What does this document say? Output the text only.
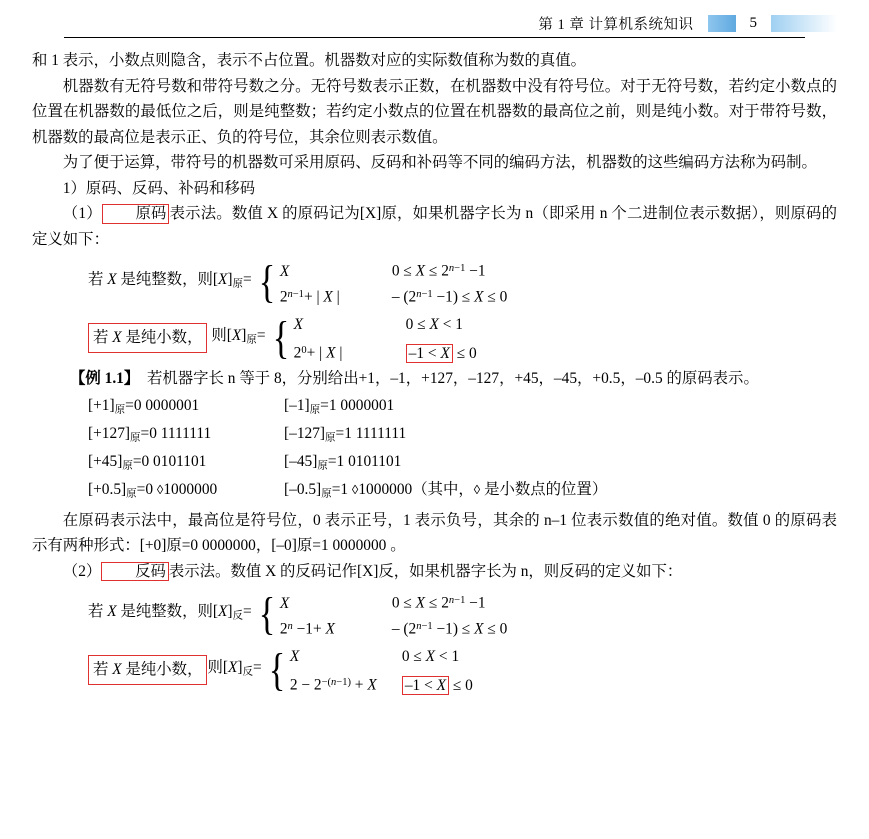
第 1 章 计算机系统知识	5

和 1 表示，小数点则隐含，表示不占位置。机器数对应的实际数值称为数的真值。

机器数有无符号数和带符号数之分。无符号数表示正数，在机器数中没有符号位。对于无符号数，若约定小数点的位置在机器数的最低位之后，则是纯整数；若约定小数点的位置在机器数的最高位之前，则是纯小数。对于带符号数，机器数的最高位是表示正、负的符号位，其余位则表示数值。

为了便于运算，带符号的机器数可采用原码、反码和补码等不同的编码方法，机器数的这些编码方法称为码制。

1）原码、反码、补码和移码

（1） 原码 表示法。数值 X 的原码记为[X]原，如果机器字长为 n（即采用 n 个二进制位表示数据），则原码的定义如下：

若 X 是纯整数，则$[X]_原=$ { X	$0 \le X \le 2^{n-1} -1$
$2^{n-1}+$ | X |	– $(2^{n-1} -1) \le X \le 0$
若 X 是纯小数， 则$[X]_原=$ { X	0 ≤ X < 1
$2^0+$ | X |	–1 < X ≤ 0

【例 1.1】 若机器字长 n 等于 8，分别给出+1，–1，+127，–127，+45，–45，+0.5，–0.5 的原码表示。

$[+1]_原=0$ 0000001	$[-1]_原=1$ 0000001
$[+127]_原=0$ 1111111	$[-127]_原=1$ 1111111
$[+45]_原=0$ 0101101	$[-45]_原=1$ 0101101
$[+0.5]_原=0$ ◊1000000	$[-0.5]_原=1$ ◊1000000（其中，◊ 是小数点的位置）

在原码表示法中，最高位是符号位，0 表示正号，1 表示负号，其余的 n–1 位表示数值的绝对值。数值 0 的原码表示有两种形式：[+0]原=0 0000000，[–0]原=1 0000000 。

（2） 反码 表示法。数值 X 的反码记作[X]反，如果机器字长为 n，则反码的定义如下：

若 X 是纯整数，则$[X]_反=$ { X	$0 \le X \le 2^{n-1} -1$
$2^n -1+ X$	– $(2^{n-1} -1) \le X \le 0$
若 X 是纯小数， 则$[X]_反=$ { X	0 ≤ X < 1
$2 - 2^{-(n-1)} + X$	–1 < X ≤ 0
